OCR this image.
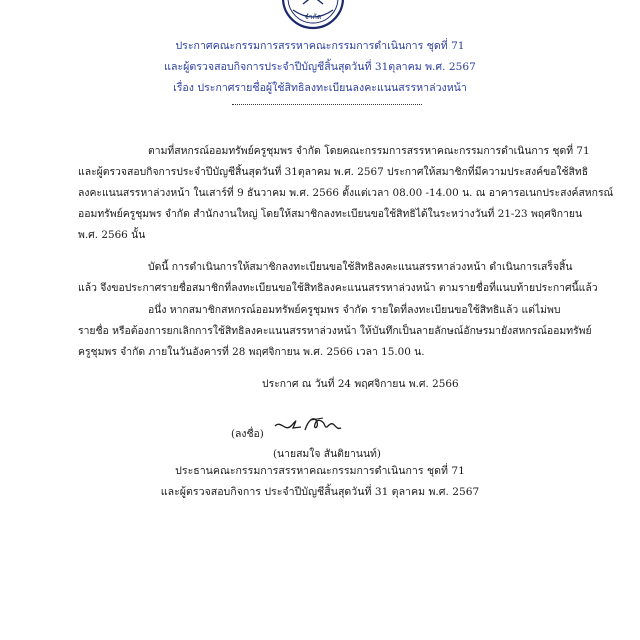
จำกัด
ประกาศคณะกรรมการสรรหาคณะกรรมการดำเนินการ ชุดที่ 71
และผู้ตรวจสอบกิจการประจำปีบัญชีสิ้นสุดวันที่ 31ตุลาคม พ.ศ. 2567
เรื่อง ประกาศรายชื่อผู้ใช้สิทธิลงทะเบียนลงคะแนนสรรหาล่วงหน้า
ตามที่สหกรณ์ออมทรัพย์ครูชุมพร จำกัด โดยคณะกรรมการสรรหาคณะกรรมการดำเนินการ ชุดที่ 71
และผู้ตรวจสอบกิจการประจำปีบัญชีสิ้นสุดวันที่ 31ตุลาคม พ.ศ. 2567 ประกาศให้สมาชิกที่มีความประสงค์ขอใช้สิทธิ
ลงคะแนนสรรหาล่วงหน้า ในเสาร์ที่ 9 ธันวาคม พ.ศ. 2566 ตั้งแต่เวลา 08.00 -14.00 น. ณ อาคารอเนกประสงค์สหกรณ์
ออมทรัพย์ครูชุมพร จำกัด สำนักงานใหญ่ โดยให้สมาชิกลงทะเบียนขอใช้สิทธิได้ในระหว่างวันที่ 21-23 พฤศจิกายน
พ.ศ. 2566 นั้น
บัดนี้ การดำเนินการให้สมาชิกลงทะเบียนขอใช้สิทธิลงคะแนนสรรหาล่วงหน้า ดำเนินการเสร็จสิ้น
แล้ว จึงขอประกาศรายชื่อสมาชิกที่ลงทะเบียนขอใช้สิทธิลงคะแนนสรรหาล่วงหน้า ตามรายชื่อที่แนบท้ายประกาศนี้แล้ว
อนึ่ง หากสมาชิกสหกรณ์ออมทรัพย์ครูชุมพร จำกัด รายใดที่ลงทะเบียนขอใช้สิทธิแล้ว แต่ไม่พบ
รายชื่อ หรือต้องการยกเลิกการใช้สิทธิลงคะแนนสรรหาล่วงหน้า ให้บันทึกเป็นลายลักษณ์อักษรมายังสหกรณ์ออมทรัพย์
ครูชุมพร จำกัด ภายในวันอังคารที่ 28 พฤศจิกายน พ.ศ. 2566 เวลา 15.00 น.
ประกาศ ณ วันที่ 24 พฤศจิกายน พ.ศ. 2566
(ลงชื่อ)
(นายสมใจ สันติยานนท์)
ประธานคณะกรรมการสรรหาคณะกรรมการดำเนินการ ชุดที่ 71
และผู้ตรวจสอบกิจการ ประจำปีบัญชีสิ้นสุดวันที่ 31 ตุลาคม พ.ศ. 2567
